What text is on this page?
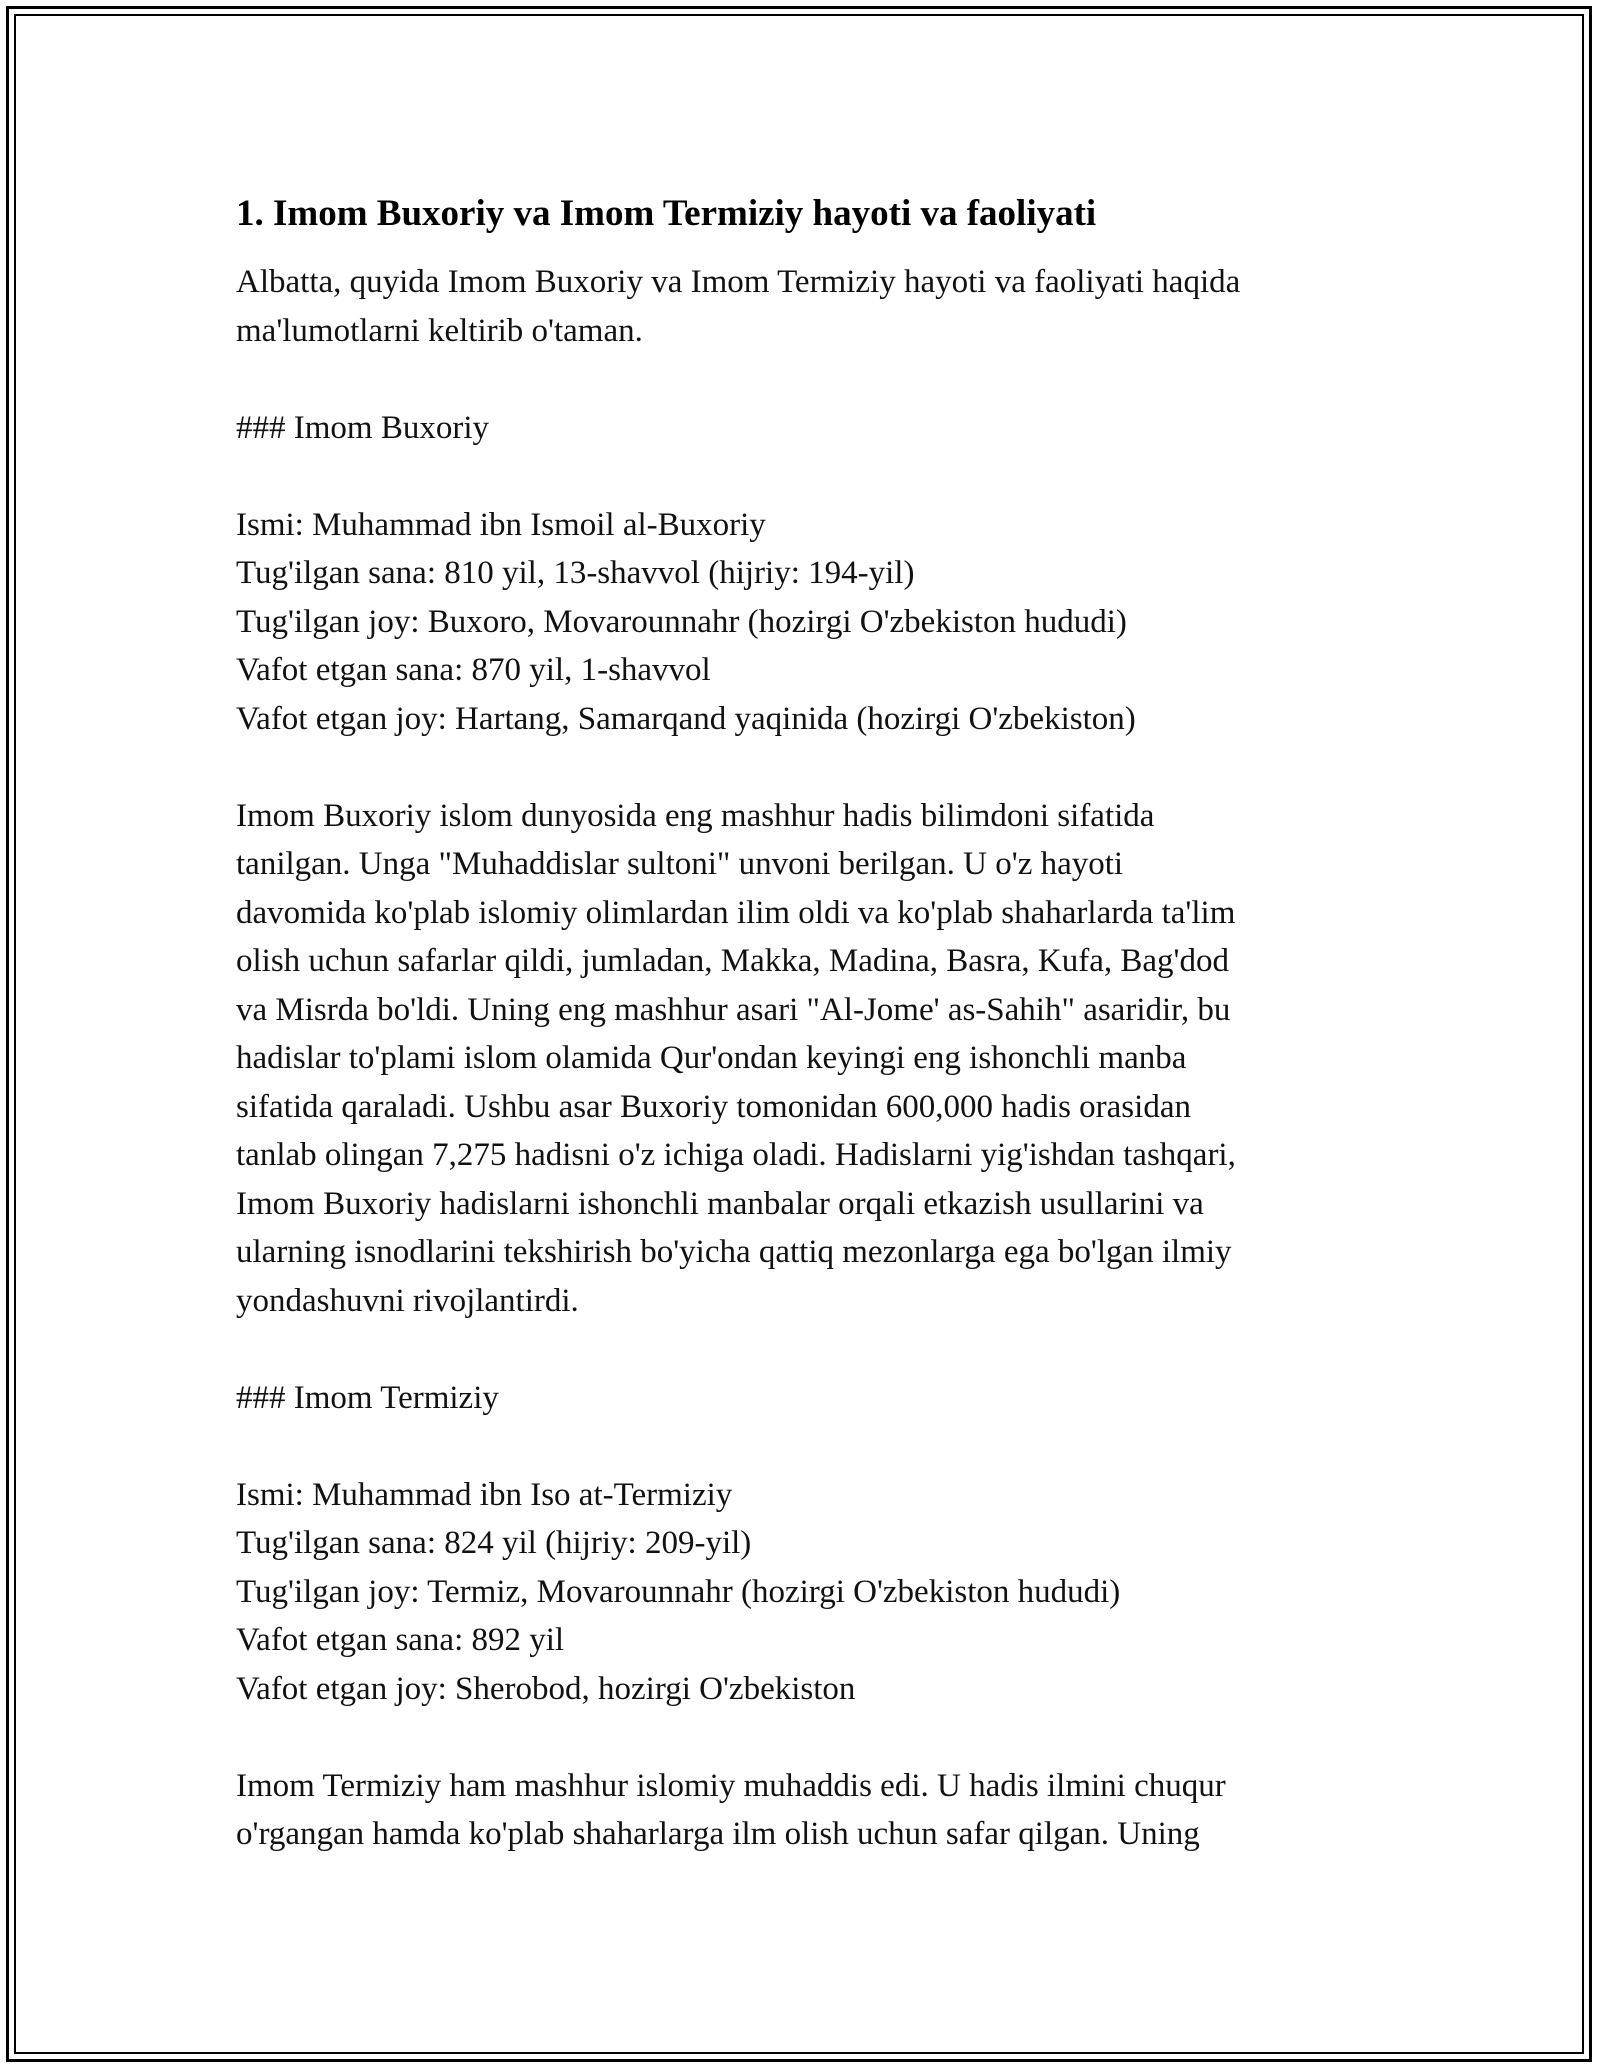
1. Imom Buxoriy va Imom Termiziy hayoti va faoliyati

Albatta, quyida Imom Buxoriy va Imom Termiziy hayoti va faoliyati haqida
ma'lumotlarni keltirib o'taman.

### Imom Buxoriy

Ismi: Muhammad ibn Ismoil al-Buxoriy

Tug'ilgan sana: 810 yil, 13-shavvol (hijriy: 194-yil)

Tug'ilgan joy: Buxoro, Movarounnahr (hozirgi O'zbekiston hududi)

Vafot etgan sana: 870 yil, 1-shavvol

Vafot etgan joy: Hartang, Samarqand yaqinida (hozirgi O'zbekiston)

Imom Buxoriy islom dunyosida eng mashhur hadis bilimdoni sifatida
tanilgan. Unga "Muhaddislar sultoni" unvoni berilgan. U o'z hayoti
davomida ko'plab islomiy olimlardan ilim oldi va ko'plab shaharlarda ta'lim
olish uchun safarlar qildi, jumladan, Makka, Madina, Basra, Kufa, Bag'dod
va Misrda bo'ldi. Uning eng mashhur asari "Al-Jome' as-Sahih" asaridir, bu
hadislar to'plami islom olamida Qur'ondan keyingi eng ishonchli manba
sifatida qaraladi. Ushbu asar Buxoriy tomonidan 600,000 hadis orasidan
tanlab olingan 7,275 hadisni o'z ichiga oladi. Hadislarni yig'ishdan tashqari,
Imom Buxoriy hadislarni ishonchli manbalar orqali etkazish usullarini va
ularning isnodlarini tekshirish bo'yicha qattiq mezonlarga ega bo'lgan ilmiy
yondashuvni rivojlantirdi.

### Imom Termiziy

Ismi: Muhammad ibn Iso at-Termiziy

Tug'ilgan sana: 824 yil (hijriy: 209-yil)

Tug'ilgan joy: Termiz, Movarounnahr (hozirgi O'zbekiston hududi)

Vafot etgan sana: 892 yil

Vafot etgan joy: Sherobod, hozirgi O'zbekiston

Imom Termiziy ham mashhur islomiy muhaddis edi. U hadis ilmini chuqur
o'rgangan hamda ko'plab shaharlarga ilm olish uchun safar qilgan. Uning
